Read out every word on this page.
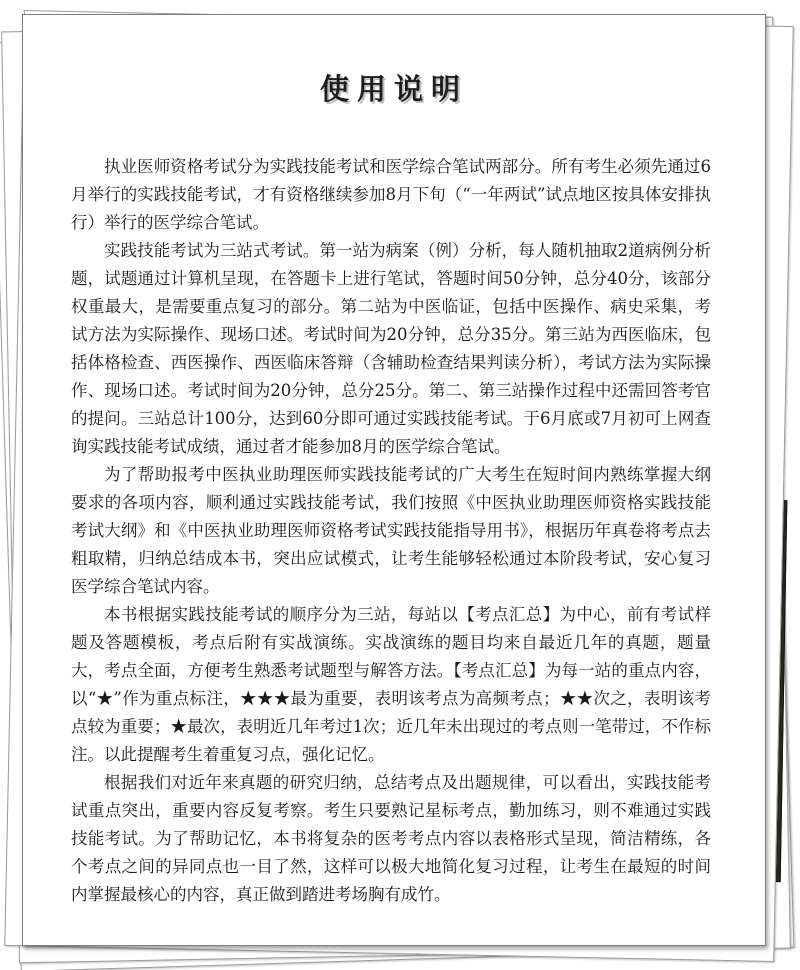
使用说明

执业医师资格考试分为实践技能考试和医学综合笔试两部分。所有考生必须先通过6月举行的实践技能考试，才有资格继续参加8月下旬（“一年两试”试点地区按具体安排执行）举行的医学综合笔试。

实践技能考试为三站式考试。第一站为病案（例）分析，每人随机抽取2道病例分析题，试题通过计算机呈现，在答题卡上进行笔试，答题时间50分钟，总分40分，该部分权重最大，是需要重点复习的部分。第二站为中医临证，包括中医操作、病史采集，考试方法为实际操作、现场口述。考试时间为20分钟，总分35分。第三站为西医临床，包括体格检查、西医操作、西医临床答辩（含辅助检查结果判读分析），考试方法为实际操作、现场口述。考试时间为20分钟，总分25分。第二、第三站操作过程中还需回答考官的提问。三站总计100分，达到60分即可通过实践技能考试。于6月底或7月初可上网查询实践技能考试成绩，通过者才能参加8月的医学综合笔试。

为了帮助报考中医执业助理医师实践技能考试的广大考生在短时间内熟练掌握大纲要求的各项内容，顺利通过实践技能考试，我们按照《中医执业助理医师资格实践技能考试大纲》和《中医执业助理医师资格考试实践技能指导用书》，根据历年真卷将考点去粗取精，归纳总结成本书，突出应试模式，让考生能够轻松通过本阶段考试，安心复习医学综合笔试内容。

本书根据实践技能考试的顺序分为三站，每站以【考点汇总】为中心，前有考试样题及答题模板，考点后附有实战演练。实战演练的题目均来自最近几年的真题，题量大，考点全面，方便考生熟悉考试题型与解答方法。【考点汇总】为每一站的重点内容，以“★”作为重点标注，★★★最为重要，表明该考点为高频考点；★★次之，表明该考点较为重要；★最次，表明近几年考过1次；近几年未出现过的考点则一笔带过，不作标注。以此提醒考生着重复习点，强化记忆。

根据我们对近年来真题的研究归纳，总结考点及出题规律，可以看出，实践技能考试重点突出，重要内容反复考察。考生只要熟记星标考点，勤加练习，则不难通过实践技能考试。为了帮助记忆，本书将复杂的医考考点内容以表格形式呈现，简洁精练，各个考点之间的异同点也一目了然，这样可以极大地简化复习过程，让考生在最短的时间内掌握最核心的内容，真正做到踏进考场胸有成竹。
